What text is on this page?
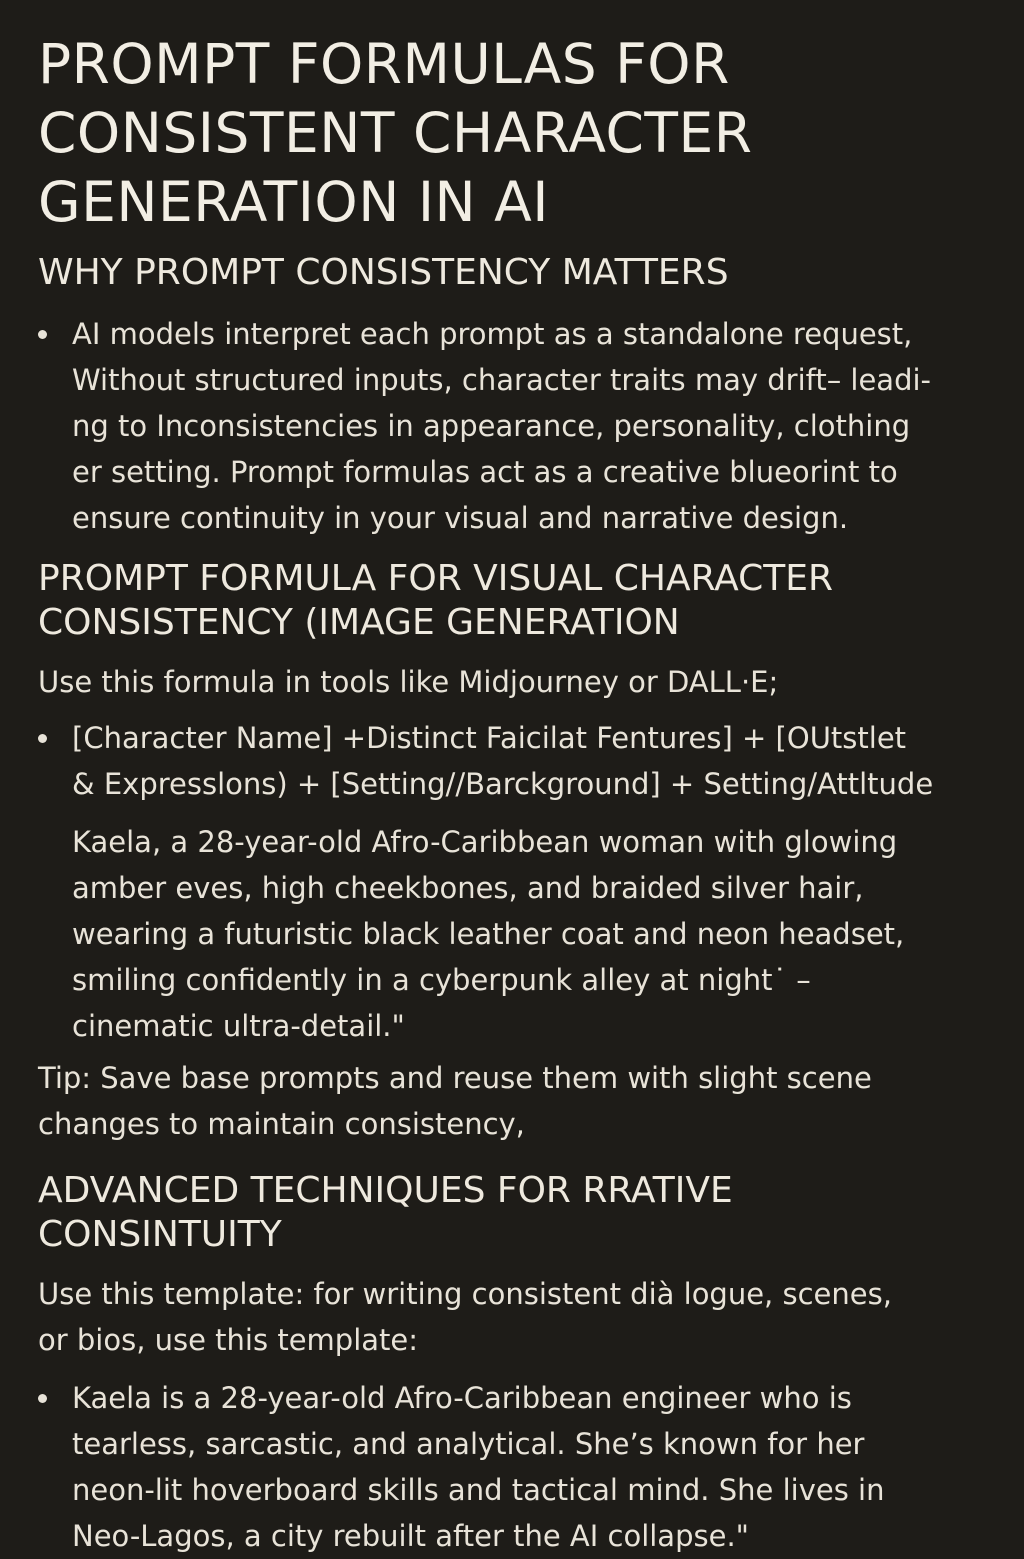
PROMPT FORMULAS FOR
CONSISTENT CHARACTER
GENERATION IN AI
WHY PROMPT CONSISTENCY MATTERS

AI models interpret each prompt as a standalone request,
Without structured inputs, character traits may drift– leadi-
ng to Inconsistencies in appearance, personality, clothing
er setting. Prompt formulas act as a creative blueorint to
ensure continuity in your visual and narrative design.

PROMPT FORMULA FOR VISUAL CHARACTER
CONSISTENCY (IMAGE GENERATION

Use this formula in tools like Midjourney or DALL·E;

[Character Name] +Distinct Faicilat Fentures] + [OUtstlet
& Expresslons) + [Setting//Barckground] + Setting/Attltude

Kaela, a 28-year-old Afro-Caribbean woman with glowing
amber eves, high cheekbones, and braided silver hair,
wearing a futuristic black leather coat and neon headset,
smiling confidently in a cyberpunk alley at night˙ –
cinematic ultra-detail."

Tip: Save base prompts and reuse them with slight scene
changes to maintain consistency,

ADVANCED TECHNIQUES FOR RRATIVE
CONSINTUITY

Use this template: for writing consistent dià logue, scenes,
or bios, use this template:

Kaela is a 28-year-old Afro-Caribbean engineer who is
tearless, sarcastic, and analytical. She’s known for her
neon-lit hoverboard skills and tactical mind. She lives in
Neo-Lagos, a city rebuilt after the AI collapse."
